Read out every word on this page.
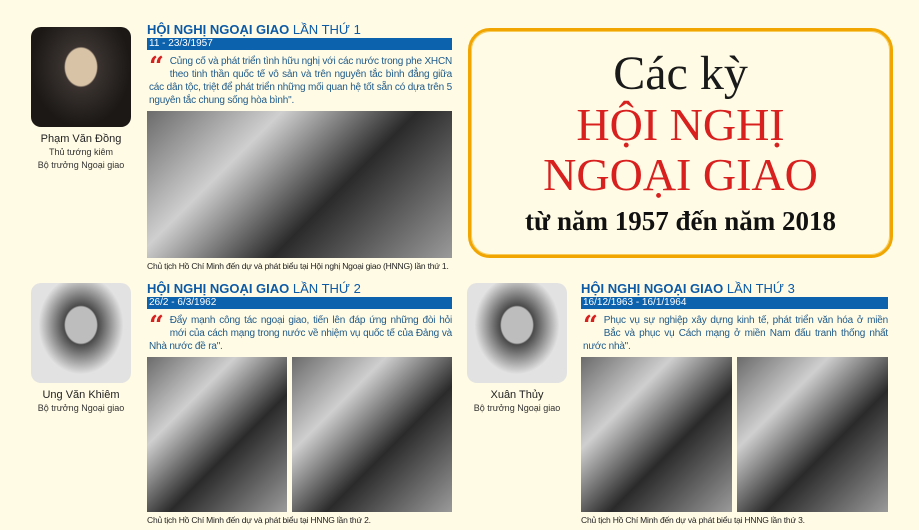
Các kỳ
HỘI NGHỊ
NGOẠI GIAO
từ năm 1957 đến năm 2018
Phạm Văn Đồng
Thủ tướng kiêm
Bộ trưởng Ngoại giao
HỘI NGHỊ NGOẠI GIAO LẦN THỨ 1
11 - 23/3/1957
“ Củng cố và phát triển tình hữu nghị với các nước trong phe XHCN theo tinh thần quốc tế vô sản và trên nguyên tắc bình đẳng giữa các dân tộc, triệt để phát triển những mối quan hệ tốt sẵn có dựa trên 5 nguyên tắc chung sống hòa bình".
Chủ tịch Hồ Chí Minh đến dự và phát biểu tại Hội nghị Ngoại giao (HNNG) lần thứ 1.
Ung Văn Khiêm
Bộ trưởng Ngoại giao
HỘI NGHỊ NGOẠI GIAO LẦN THỨ 2
26/2 - 6/3/1962
“ Đẩy mạnh công tác ngoại giao, tiến lên đáp ứng những đòi hỏi mới của cách mạng trong nước về nhiệm vụ quốc tế của Đảng và Nhà nước đề ra".
Chủ tịch Hồ Chí Minh đến dự và phát biểu tại HNNG lần thứ 2.
Xuân Thủy
Bộ trưởng Ngoại giao
HỘI NGHỊ NGOẠI GIAO LẦN THỨ 3
16/12/1963 - 16/1/1964
“ Phục vụ sự nghiệp xây dựng kinh tế, phát triển văn hóa ở miền Bắc và phục vụ Cách mạng ở miền Nam đấu tranh thống nhất nước nhà".
Chủ tịch Hồ Chí Minh đến dự và phát biểu tại HNNG lần thứ 3.
